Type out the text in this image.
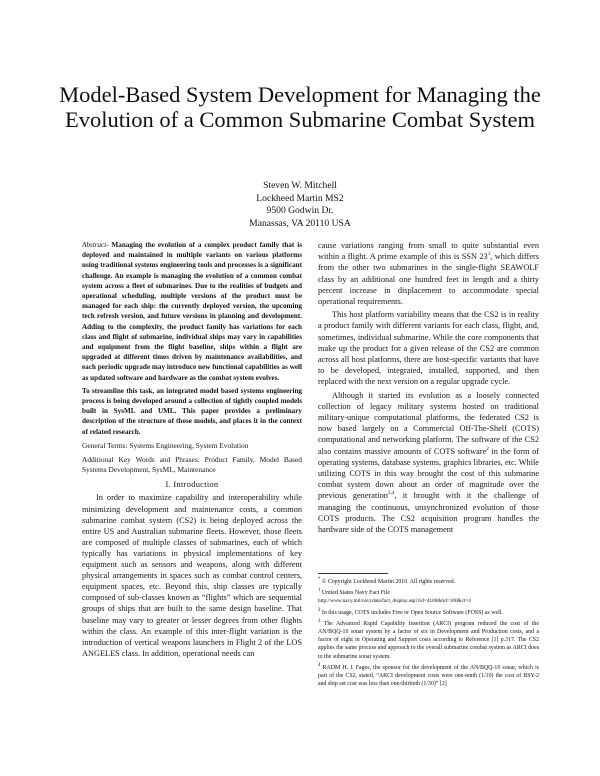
Model-Based System Development for Managing the Evolution of a Common Submarine Combat System
Steven W. Mitchell
Lockheed Martin MS2
9500 Godwin Dr.
Manassas, VA 20110 USA

Abstract- Managing the evolution of a complex product family that is deployed and maintained in multiple variants on various platforms using traditional systems engineering tools and processes is a significant challenge. An example is managing the evolution of a common combat system across a fleet of submarines. Due to the realities of budgets and operational scheduling, multiple versions of the product must be managed for each ship: the currently deployed version, the upcoming tech refresh version, and future versions in planning and development. Adding to the complexity, the product family has variations for each class and flight of submarine, individual ships may vary in capabilities and equipment from the flight baseline, ships within a flight are upgraded at different times driven by maintenance availabilities, and each periodic upgrade may introduce new functional capabilities as well as updated software and hardware as the combat system evolves.

To streamline this task, an integrated model based systems engineering process is being developed around a collection of tightly coupled models built in SysML and UML. This paper provides a preliminary description of the structure of those models, and places it in the context of related research.

General Terms: Systems Engineering, System Evolution

Additional Key Words and Phrases: Product Family, Model Based Systems Development, SysML, Maintenance

I. Introduction

In order to maximize capability and interoperability while minimizing development and maintenance costs, a common submarine combat system (CS2) is being deployed across the entire US and Australian submarine fleets. However, those fleets are composed of multiple classes of submarines, each of which typically has variations in physical implementations of key equipment such as sensors and weapons, along with different physical arrangements in spaces such as combat control centers, equipment spaces, etc. Beyond this, ship classes are typically composed of sub-classes known as “flights” which are sequential groups of ships that are built to the same design baseline. That baseline may vary to greater or lesser degrees from other flights within the class. An example of this inter-flight variation is the introduction of vertical weapons launchers in Flight 2 of the LOS ANGELES class. In addition, operational needs can

cause variations ranging from small to quite substantial even within a flight. A prime example of this is SSN $23^1$, which differs from the other two submarines in the single-flight SEAWOLF class by an additional one hundred feet in length and a thirty percent increase in displacement to accommodate special operational requirements.

This host platform variability means that the CS2 is in reality a product family with different variants for each class, flight, and, sometimes, individual submarine. While the core components that make up the product for a given release of the CS2 are common across all host platforms, there are host-specific variants that have to be developed, integrated, installed, supported, and then replaced with the next version on a regular upgrade cycle.

Although it started its evolution as a loosely connected collection of legacy military systems hosted on traditional military-unique computational platforms, the federated CS2 is now based largely on a Commercial Off-The-Shelf (COTS) computational and networking platform. The software of the CS2 also contains massive amounts of COTS software$^2$ in the form of operating systems, database systems, graphics libraries, etc. While utilizing COTS in this way brought the cost of this submarine combat system down about an order of magnitude over the previous generation$^{3,4}$, it brought with it the challenge of managing the continuous, unsynchronized evolution of those COTS products. The CS2 acquisition program handles the hardware side of the COTS management

* © Copyright Lockheed Martin 2010. All rights reserved.

$^1$ United States Navy Fact File
http://www.navy.mil/navydata/fact_display.asp?cid=4100&tid=100&ct=4

$^2$ In this usage, COTS includes Free or Open Source Software (FOSS) as well.

$^3$ The Advanced Rapid Capability Insertion (ARCI) program reduced the cost of the AN/BQQ-10 sonar system by a factor of six in Development and Production costs, and a factor of eight in Operating and Support costs according to Reference [1] p.317. The CS2 applies the same process and approach to the overall submarine combat system as ARCI does to the submarine sonar system.

$^4$ RADM H. I. Fages, the sponsor for the development of the AN/BQQ-10 sonar, which is part of the CS2, stated, “ARCI development costs were one-tenth (1/10) the cost of BSY-2 and ship set cost was less than one-thirtieth (1/30)” [2]
